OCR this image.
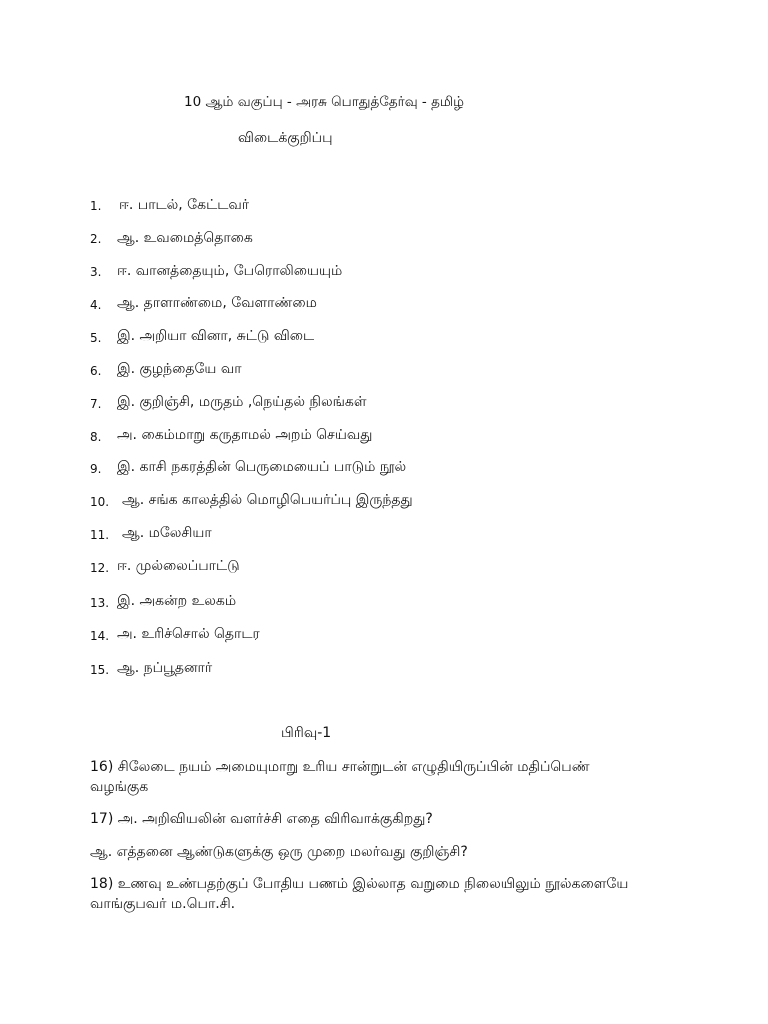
10 ஆம் வகுப்பு - அரசு பொதுத்தேர்வு - தமிழ்
விடைக்குறிப்பு
1. ஈ. பாடல், கேட்டவர்
2. ஆ. உவமைத்தொகை
3. ஈ. வானத்தையும், பேரொலியையும்
4. ஆ. தாளாண்மை, வேளாண்மை
5. இ. அறியா வினா, சுட்டு விடை
6. இ. குழந்தையே வா
7. இ. குறிஞ்சி, மருதம் ,நெய்தல் நிலங்கள்
8. அ. கைம்மாறு கருதாமல் அறம் செய்வது
9. இ. காசி நகரத்தின் பெருமையைப் பாடும் நூல்
10. ஆ. சங்க காலத்தில் மொழிபெயர்ப்பு இருந்தது
11. ஆ. மலேசியா
12. ஈ. முல்லைப்பாட்டு
13. இ. அகன்ற உலகம்
14. அ. உரிச்சொல் தொடர
15. ஆ. நப்பூதனார்
பிரிவு-1
16) சிலேடை நயம் அமையுமாறு உரிய சான்றுடன் எழுதியிருப்பின் மதிப்பெண் வழங்குக
17) அ. அறிவியலின் வளர்ச்சி எதை விரிவாக்குகிறது?
ஆ. எத்தனை ஆண்டுகளுக்கு ஒரு முறை மலர்வது குறிஞ்சி?
18) உணவு உண்பதற்குப் போதிய பணம் இல்லாத வறுமை நிலையிலும் நூல்களையே வாங்குபவர் ம.பொ.சி.
